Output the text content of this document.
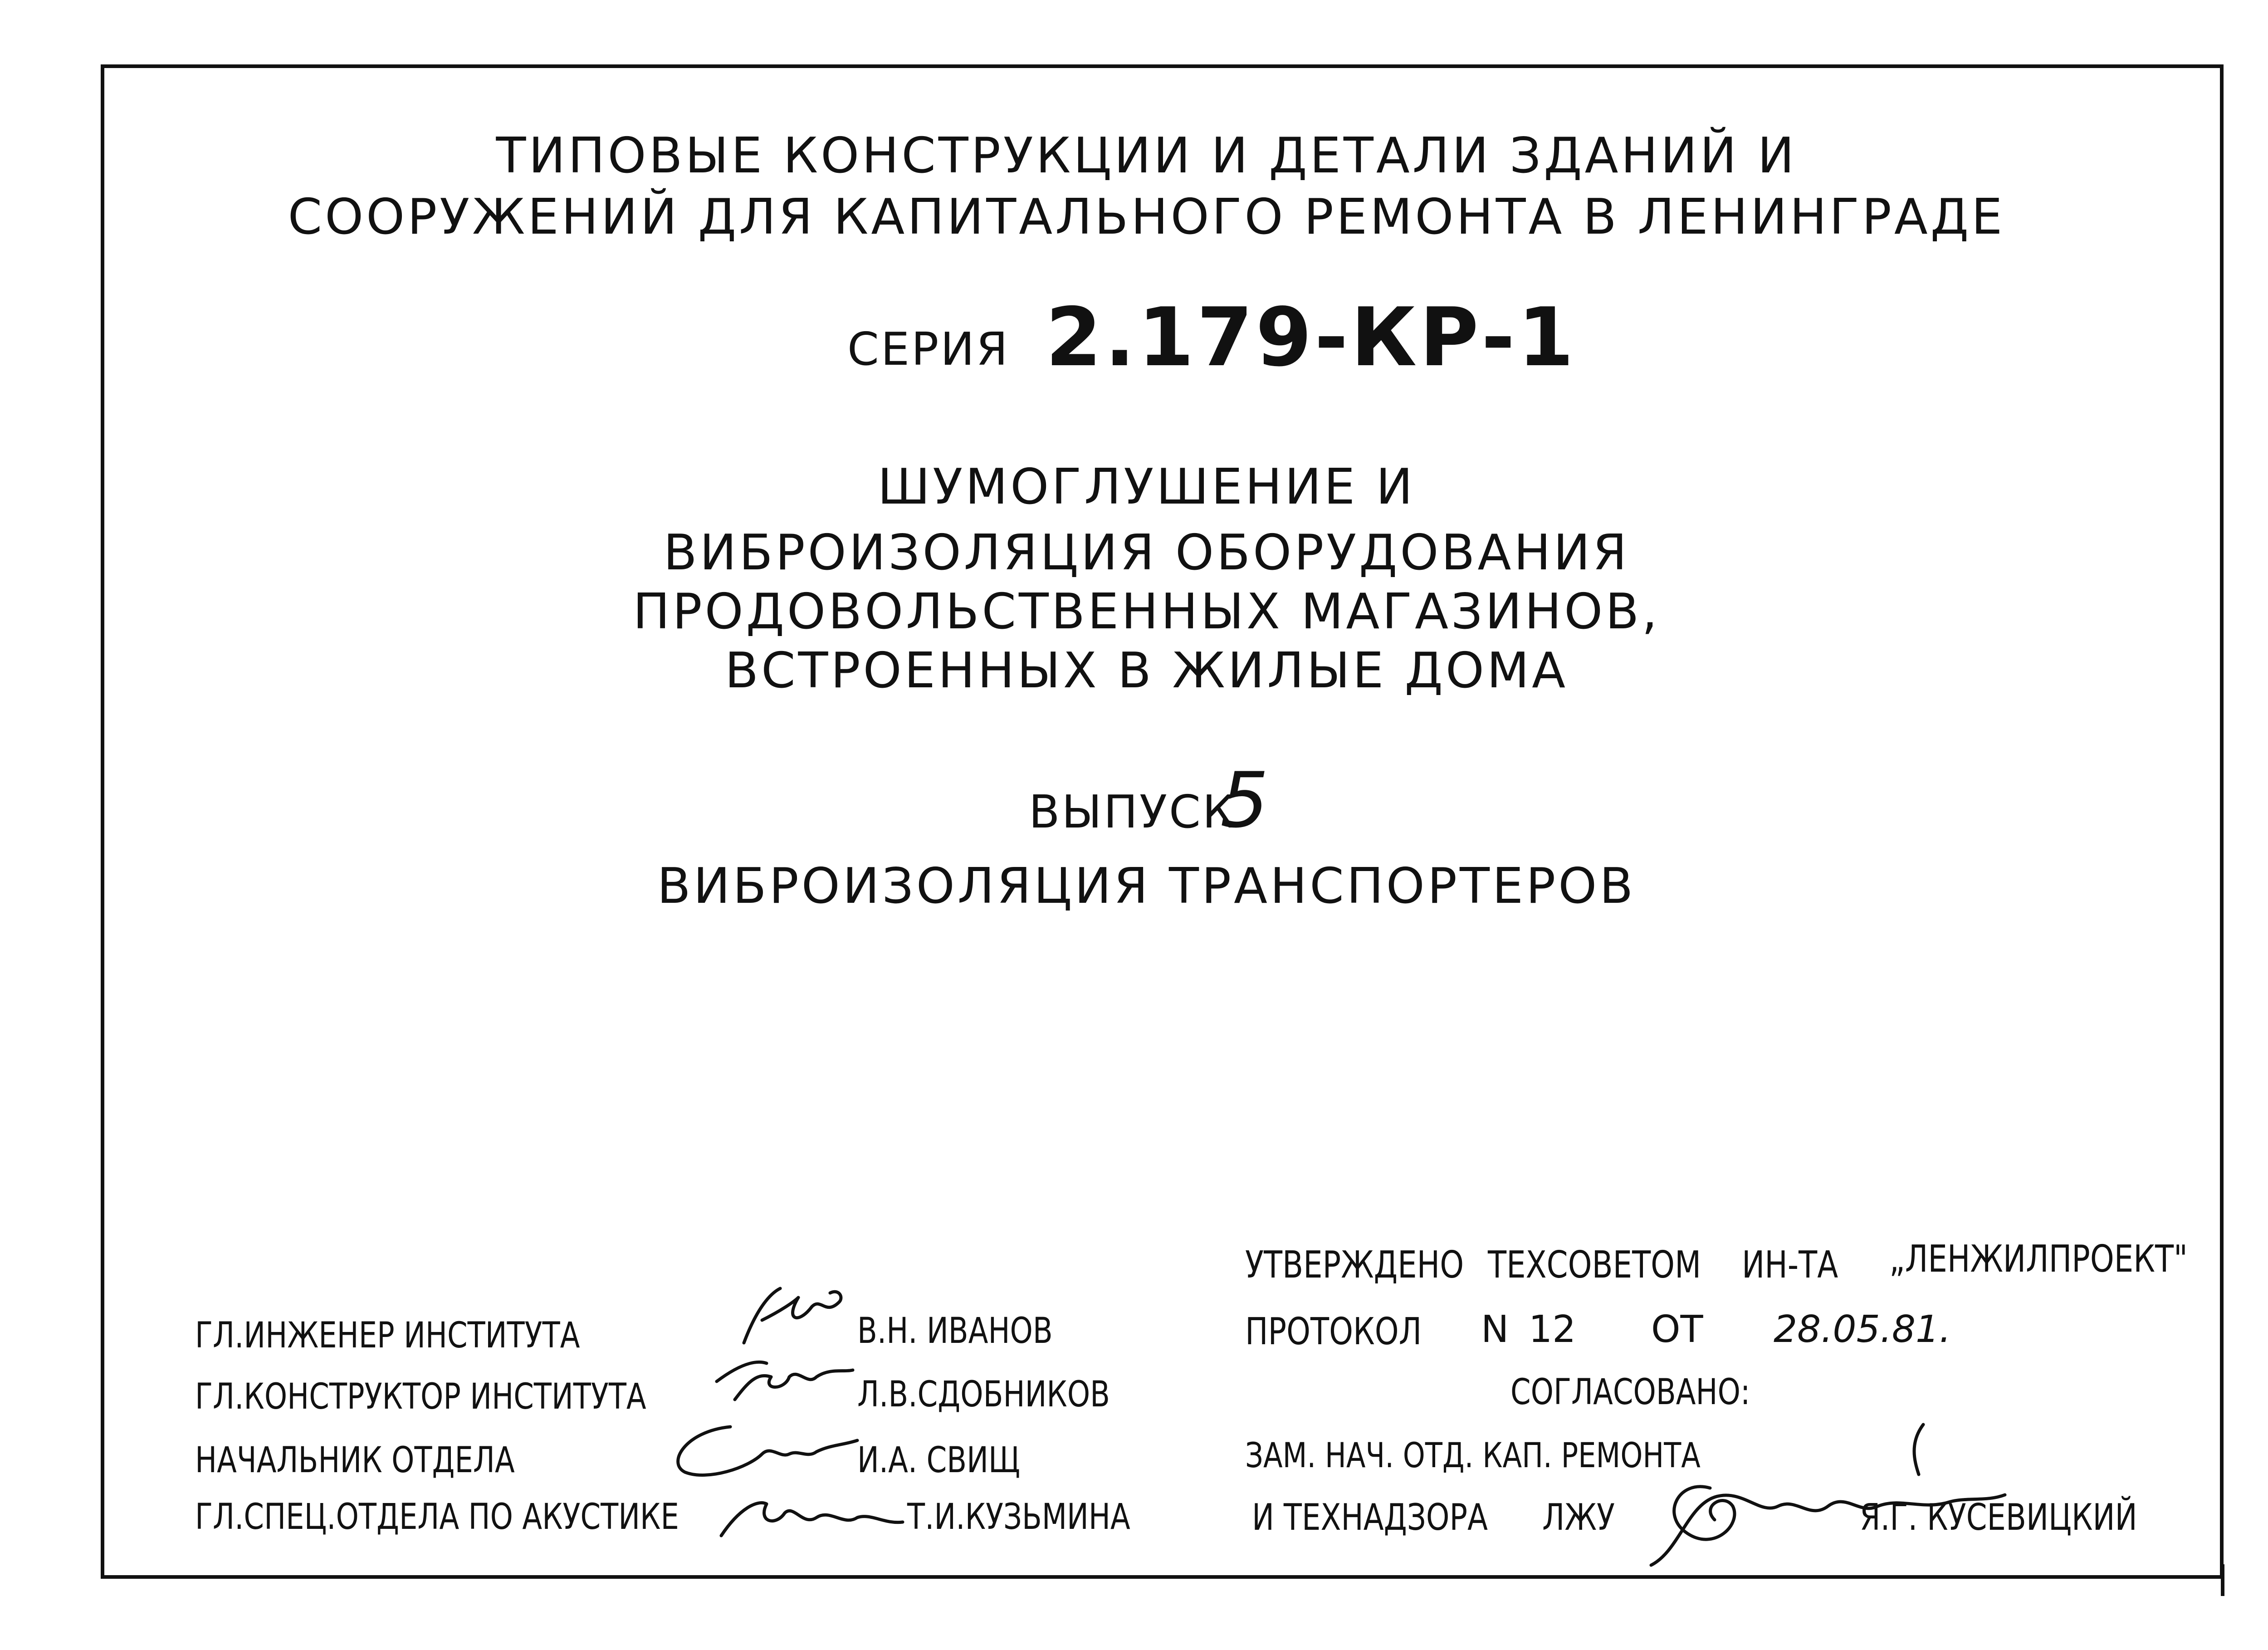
ТИПОВЫЕ КОНСТРУКЦИИ И ДЕТАЛИ ЗДАНИЙ И
СООРУЖЕНИЙ ДЛЯ КАПИТАЛЬНОГО РЕМОНТА В ЛЕНИНГРАДЕ
СЕРИЯ 2.179-КР-1
ШУМОГЛУШЕНИЕ И
ВИБРОИЗОЛЯЦИЯ ОБОРУДОВАНИЯ
ПРОДОВОЛЬСТВЕННЫХ МАГАЗИНОВ,
ВСТРОЕННЫХ В ЖИЛЫЕ ДОМА
ВЫПУСК
5
ВИБРОИЗОЛЯЦИЯ ТРАНСПОРТЕРОВ
ГЛ.ИНЖЕНЕР ИНСТИТУТА	В.Н. ИВАНОВ
ГЛ.КОНСТРУКТОР ИНСТИТУТА	Л.В.СДОБНИКОВ
НАЧАЛЬНИК ОТДЕЛА	И.А. СВИЩ
ГЛ.СПЕЦ.ОТДЕЛА ПО АКУСТИКЕ	Т.И.КУЗЬМИНА
УТВЕРЖДЕНО ТЕХСОВЕТОМ ИН-ТА „ЛЕНЖИЛПРОЕКТ"
ПРОТОКОЛ N 12 ОТ 28.05.81.
СОГЛАСОВАНО:
ЗАМ. НАЧ. ОТД. КАП. РЕМОНТА
И ТЕХНАДЗОРА ЛЖУ	Я.Г. КУСЕВИЦКИЙ
